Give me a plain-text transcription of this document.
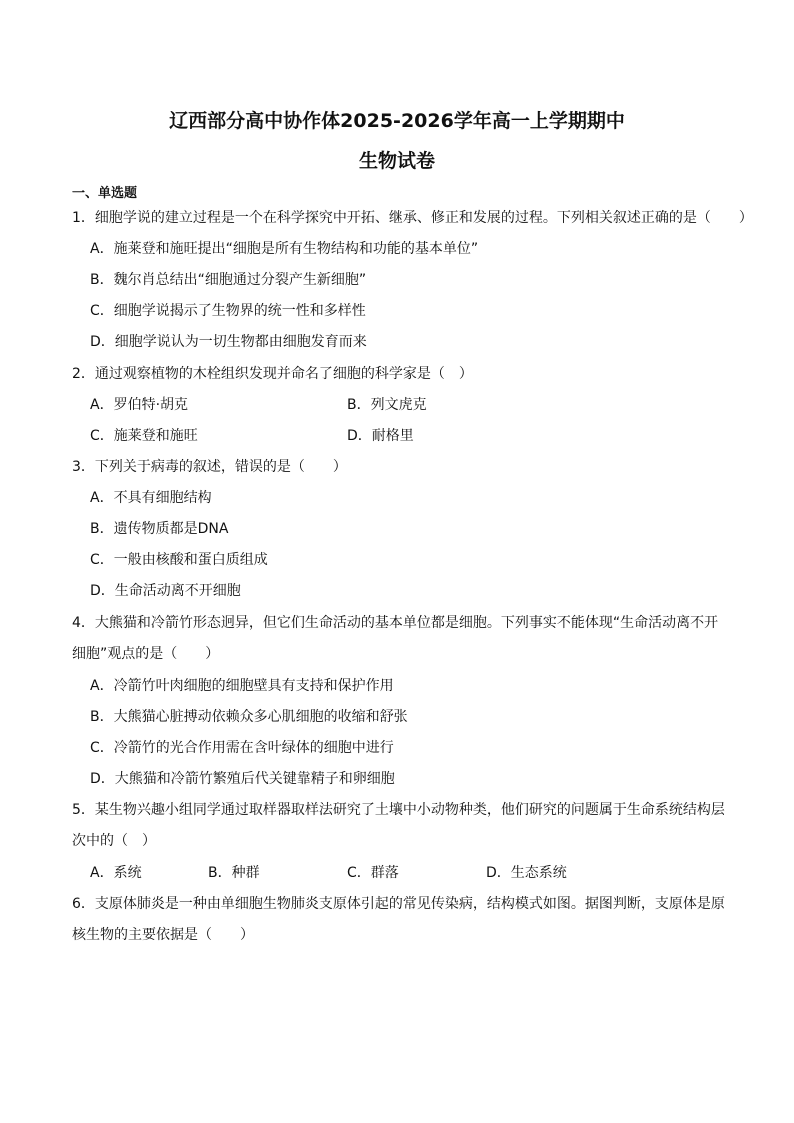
辽西部分高中协作体2025-2026学年高一上学期期中
生物试卷
一、单选题
1．细胞学说的建立过程是一个在科学探究中开拓、继承、修正和发展的过程。下列相关叙述正确的是（　　）
A．施莱登和施旺提出“细胞是所有生物结构和功能的基本单位”
B．魏尔肖总结出“细胞通过分裂产生新细胞”
C．细胞学说揭示了生物界的统一性和多样性
D．细胞学说认为一切生物都由细胞发育而来
2．通过观察植物的木栓组织发现并命名了细胞的科学家是（　）
A．罗伯特·胡克	B．列文虎克
C．施莱登和施旺	D．耐格里
3．下列关于病毒的叙述，错误的是（　　）
A．不具有细胞结构
B．遗传物质都是DNA
C．一般由核酸和蛋白质组成
D．生命活动离不开细胞
4．大熊猫和冷箭竹形态迥异，但它们生命活动的基本单位都是细胞。下列事实不能体现“生命活动离不开
细胞”观点的是（　　）
A．冷箭竹叶肉细胞的细胞壁具有支持和保护作用
B．大熊猫心脏搏动依赖众多心肌细胞的收缩和舒张
C．冷箭竹的光合作用需在含叶绿体的细胞中进行
D．大熊猫和冷箭竹繁殖后代关键靠精子和卵细胞
5．某生物兴趣小组同学通过取样器取样法研究了土壤中小动物种类，他们研究的问题属于生命系统结构层
次中的（　）
A．系统	B．种群	C．群落	D．生态系统
6．支原体肺炎是一种由单细胞生物肺炎支原体引起的常见传染病，结构模式如图。据图判断，支原体是原
核生物的主要依据是（　　）
